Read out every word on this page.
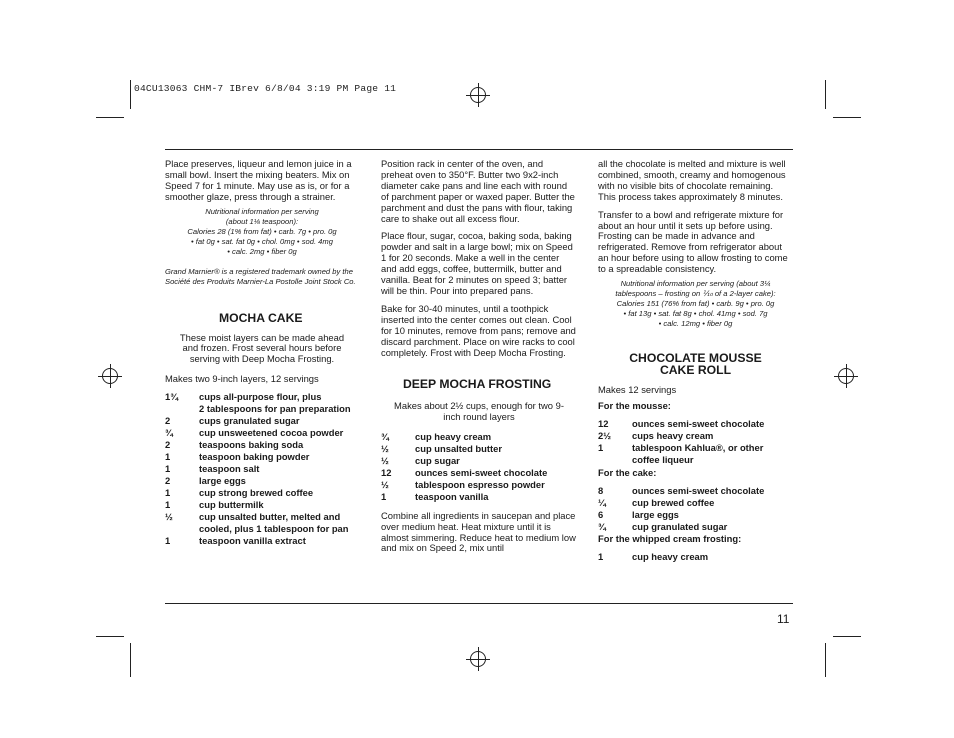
04CU13063 CHM-7 IBrev 6/8/04 3:19 PM Page 11
Place preserves, liqueur and lemon juice in a small bowl. Insert the mixing beaters. Mix on Speed 7 for 1 minute. May use as is, or for a smoother glaze, press through a strainer.
Nutritional information per serving
(about 1⅛ teaspoon):
Calories 28 (1% from fat) • carb. 7g • pro. 0g
• fat 0g • sat. fat 0g • chol. 0mg • sod. 4mg
• calc. 2mg • fiber 0g
Grand Marnier® is a registered trademark owned by the Société des Produits Marnier-La Postolle Joint Stock Co.
MOCHA CAKE
These moist layers can be made ahead and frozen. Frost several hours before serving with Deep Mocha Frosting.
Makes two 9-inch layers, 12 servings
1¾	cups all-purpose flour, plus
2 tablespoons for pan preparation
2	cups granulated sugar
¾	cup unsweetened cocoa powder
2	teaspoons baking soda
1	teaspoon baking powder
1	teaspoon salt
2	large eggs
1	cup strong brewed coffee
1	cup buttermilk
½	cup unsalted butter, melted and
cooled, plus 1 tablespoon for pan
1	teaspoon vanilla extract
Position rack in center of the oven, and preheat oven to 350°F. Butter two 9x2-inch diameter cake pans and line each with round of parchment paper or waxed paper. Butter the parchment and dust the pans with flour, taking care to shake out all excess flour.
Place flour, sugar, cocoa, baking soda, baking powder and salt in a large bowl; mix on Speed 1 for 20 seconds. Make a well in the center and add eggs, coffee, buttermilk, butter and vanilla. Beat for 2 minutes on speed 3; batter will be thin. Pour into prepared pans.
Bake for 30-40 minutes, until a toothpick inserted into the center comes out clean. Cool for 10 minutes, remove from pans; remove and discard parchment. Place on wire racks to cool completely. Frost with Deep Mocha Frosting.
DEEP MOCHA FROSTING
Makes about 2½ cups, enough for two 9-inch round layers
¾	cup heavy cream
½	cup unsalted butter
½	cup sugar
12	ounces semi-sweet chocolate
½	tablespoon espresso powder
1	teaspoon vanilla
Combine all ingredients in saucepan and place over medium heat. Heat mixture until it is almost simmering. Reduce heat to medium low and mix on Speed 2, mix until
all the chocolate is melted and mixture is well combined, smooth, creamy and homogenous with no visible bits of chocolate remaining. This process takes approximately 8 minutes.
Transfer to a bowl and refrigerate mixture for about an hour until it sets up before using. Frosting can be made in advance and refrigerated. Remove from refrigerator about an hour before using to allow frosting to come to a spreadable consistency.
Nutritional information per serving (about 3¼
tablespoons – frosting on ⅒ of a 2-layer cake):
Calories 151 (76% from fat) • carb. 9g • pro. 0g
• fat 13g • sat. fat 8g • chol. 41mg • sod. 7g
• calc. 12mg • fiber 0g
CHOCOLATE MOUSSE
CAKE ROLL
Makes 12 servings
For the mousse:
12	ounces semi-sweet chocolate
2½	cups heavy cream
1	tablespoon Kahlua®, or other
coffee liqueur
For the cake:
8	ounces semi-sweet chocolate
¼	cup brewed coffee
6	large eggs
¾	cup granulated sugar
For the whipped cream frosting:
1	cup heavy cream
11
